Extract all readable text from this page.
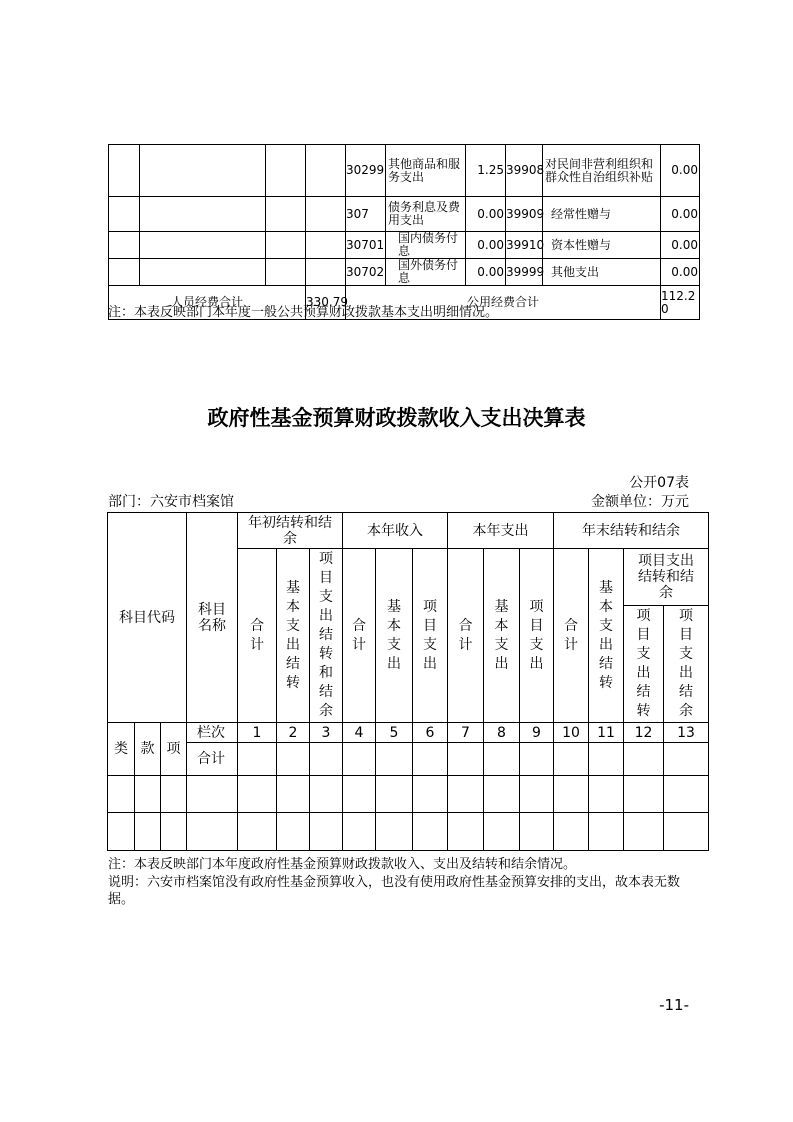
				30299	其他商品和服务支出	1.25	39908	对民间非营利组织和群众性自治组织补贴	0.00
				307	债务利息及费用支出	0.00	39909	经常性赠与	0.00
				30701	国内债务付息	0.00	39910	资本性赠与	0.00
				30702	国外债务付息	0.00	39999	其他支出	0.00
人员经费合计			330.79	公用经费合计					112.20
注：本表反映部门本年度一般公共预算财政拨款基本支出明细情况。
政府性基金预算财政拨款收入支出决算表
公开07表
部门：六安市档案馆	金额单位：万元
科目代码			科目名称	年初结转和结余			本年收入			本年支出			年末结转和结余			
				合计	基本支出结转	项目支出结转和结余	合计	基本支出	项目支出	合计	基本支出	项目支出	合计	基本支出结转	项目支出结转和结余	
															项目支出结转	项目支出结余
类	款	项	栏次	1	2	3	4	5	6	7	8	9	10	11	12	13
			合计													

注：本表反映部门本年度政府性基金预算财政拨款收入、支出及结转和结余情况。
说明：六安市档案馆没有政府性基金预算收入，也没有使用政府性基金预算安排的支出，故本表无数据。
-11-
